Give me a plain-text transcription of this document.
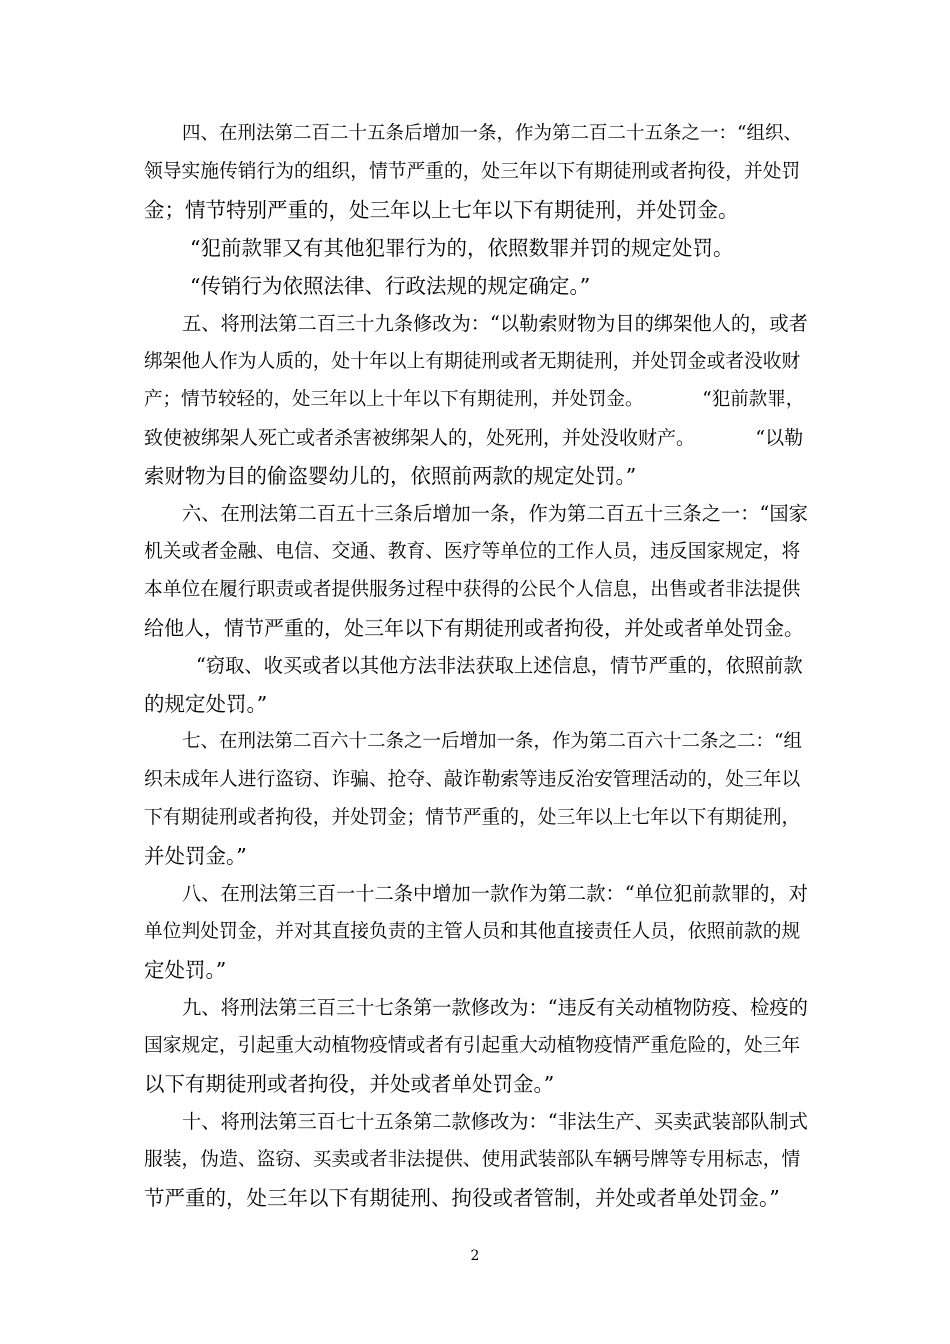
四、在刑法第二百二十五条后增加一条，作为第二百二十五条之一：“组织、
领导实施传销行为的组织，情节严重的，处三年以下有期徒刑或者拘役，并处罚
金；情节特别严重的，处三年以上七年以下有期徒刑，并处罚金。
“犯前款罪又有其他犯罪行为的，依照数罪并罚的规定处罚。
“传销行为依照法律、行政法规的规定确定。”
五、将刑法第二百三十九条修改为：“以勒索财物为目的绑架他人的，或者
绑架他人作为人质的，处十年以上有期徒刑或者无期徒刑，并处罚金或者没收财
产；情节较轻的，处三年以上十年以下有期徒刑，并处罚金。          “犯前款罪，
致使被绑架人死亡或者杀害被绑架人的，处死刑，并处没收财产。          “以勒
索财物为目的偷盗婴幼儿的，依照前两款的规定处罚。”
六、在刑法第二百五十三条后增加一条，作为第二百五十三条之一：“国家
机关或者金融、电信、交通、教育、医疗等单位的工作人员，违反国家规定，将
本单位在履行职责或者提供服务过程中获得的公民个人信息，出售或者非法提供
给他人，情节严重的，处三年以下有期徒刑或者拘役，并处或者单处罚金。
“窃取、收买或者以其他方法非法获取上述信息，情节严重的，依照前款
的规定处罚。”
七、在刑法第二百六十二条之一后增加一条，作为第二百六十二条之二：“组
织未成年人进行盗窃、诈骗、抢夺、敲诈勒索等违反治安管理活动的，处三年以
下有期徒刑或者拘役，并处罚金；情节严重的，处三年以上七年以下有期徒刑，
并处罚金。”
八、在刑法第三百一十二条中增加一款作为第二款：“单位犯前款罪的，对
单位判处罚金，并对其直接负责的主管人员和其他直接责任人员，依照前款的规
定处罚。”
九、将刑法第三百三十七条第一款修改为：“违反有关动植物防疫、检疫的
国家规定，引起重大动植物疫情或者有引起重大动植物疫情严重危险的，处三年
以下有期徒刑或者拘役，并处或者单处罚金。”
十、将刑法第三百七十五条第二款修改为：“非法生产、买卖武装部队制式
服装，伪造、盗窃、买卖或者非法提供、使用武装部队车辆号牌等专用标志，情
节严重的，处三年以下有期徒刑、拘役或者管制，并处或者单处罚金。”
2
